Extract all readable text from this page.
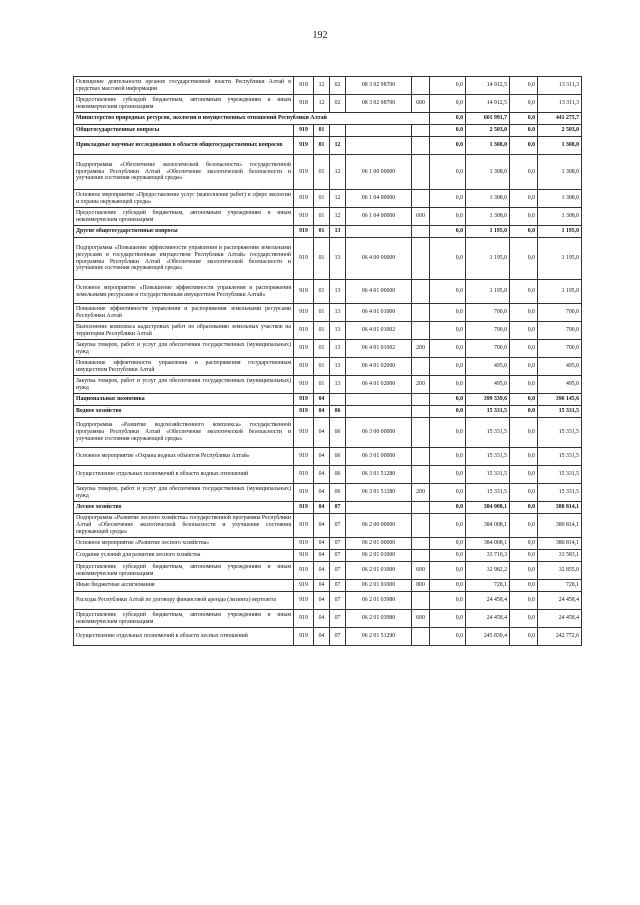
192
Освещение деятельности органов государственной власти Республики Алтай в средствах массовой информации	918	12	02	08 3 02 98700		0,0	14 912,5	0,0	13 311,3
Предоставление субсидий бюджетным, автономным учреждениям и иным некоммерческим организациям	918	12	02	08 3 02 98700	600	0,0	14 912,5	0,0	13 311,3
Министерство природных ресурсов, экологии и имущественных отношений Республики Алтай						0,0	601 991,7	0,0	441 275,7
Общегосударственные вопросы	919	01				0,0	2 503,0	0,0	2 503,0
Прикладные научные исследования в области общегосударственных вопросов	919	01	12			0,0	1 308,0	0,0	1 308,0
Подпрограмма «Обеспечение экологической безопасности» государственной программы Республики Алтай «Обеспечение экологической безопасности и улучшение состояния окружающей среды»	919	01	12	06 1 00 00000		0,0	1 308,0	0,0	1 308,0
Основное мероприятие «Предоставление услуг (выполнение работ) в сфере экологии и охраны окружающей среды»	919	01	12	06 1 04 00000		0,0	1 308,0	0,0	1 308,0
Предоставление субсидий бюджетным, автономным учреждениям и иным некоммерческим организациям	919	01	12	06 1 04 00000	600	0,0	1 308,0	0,0	1 308,0
Другие общегосударственные вопросы	919	01	13			0,0	1 195,0	0,0	1 195,0
Подпрограмма «Повышение эффективности управления и распоряжения земельными ресурсами и государственным имуществом Республики Алтай» государственной программы Республики Алтай «Обеспечение экологической безопасности и улучшение состояния окружающей среды»	919	01	13	06 4 00 00000		0,0	1 195,0	0,0	1 195,0
Основное мероприятие «Повышение эффективности управления и распоряжения земельными ресурсами и государственным имуществом Республики Алтай»	919	01	13	06 4 01 00000		0,0	1 195,0	0,0	1 195,0
Повышение эффективности управления и распоряжения земельными ресурсами Республики Алтай	919	01	13	06 4 01 01000		0,0	700,0	0,0	700,0
Выполнение комплекса кадастровых работ по образованию земельных участков на территории Республики Алтай	919	01	13	06 4 01 01002		0,0	700,0	0,0	700,0
Закупка товаров, работ и услуг для обеспечения государственных (муниципальных) нужд	919	01	13	06 4 01 01002	200	0,0	700,0	0,0	700,0
Повышение эффективности управления и распоряжения государственным имуществом Республики Алтай	919	01	13	06 4 01 02000		0,0	495,0	0,0	495,0
Закупка товаров, работ и услуг для обеспечения государственных (муниципальных) нужд	919	01	13	06 4 01 02000	200	0,0	495,0	0,0	495,0
Национальная экономика	919	04				0,0	399 339,6	0,0	396 145,6
Водное хозяйство	919	04	06			0,0	15 331,5	0,0	15 331,5
Подпрограмма «Развитие водохозяйственного комплекса» государственной программы Республики Алтай «Обеспечение экологической безопасности и улучшение состояния окружающей среды»	919	04	06	06 3 00 00000		0,0	15 331,5	0,0	15 331,5
Основное мероприятие «Охрана водных объектов Республики Алтай»	919	04	06	06 3 01 00000		0,0	15 331,5	0,0	15 331,5
Осуществление отдельных полномочий в области водных отношений	919	04	06	06 3 01 51280		0,0	15 331,5	0,0	15 331,5
Закупка товаров, работ и услуг для обеспечения государственных (муниципальных) нужд	919	04	06	06 3 01 51280	200	0,0	15 331,5	0,0	15 331,5
Лесное хозяйство	919	04	07			0,0	384 008,1	0,0	380 814,1
Подпрограмма «Развитие лесного хозяйства» государственной программы Республики Алтай «Обеспечение экологической безопасности и улучшение состояния окружающей среды»	919	04	07	06 2 00 00000		0,0	384 008,1	0,0	380 814,1
Основное мероприятие «Развитие лесного хозяйства»	919	04	07	06 2 01 00000		0,0	384 008,1	0,0	380 814,1
Создание условий для развития лесного хозяйства	919	04	07	06 2 01 01000		0,0	33 710,3	0,0	33 583,1
Предоставление субсидий бюджетным, автономным учреждениям и иным некоммерческим организациям	919	04	07	06 2 01 01000	600	0,0	32 982,2	0,0	32 855,0
Иные бюджетные ассигнования	919	04	07	06 2 01 01000	800	0,0	728,1	0,0	728,1
Расходы Республики Алтай по договору финансовой аренды (лизинга) вертолета	919	04	07	06 2 01 03980		0,0	24 458,4	0,0	24 458,4
Предоставление субсидий бюджетным, автономным учреждениям и иным некоммерческим организациям	919	04	07	06 2 01 03980	600	0,0	24 458,4	0,0	24 458,4
Осуществление отдельных полномочий в области лесных отношений	919	04	07	06 2 01 51290		0,0	245 839,4	0,0	242 772,6
